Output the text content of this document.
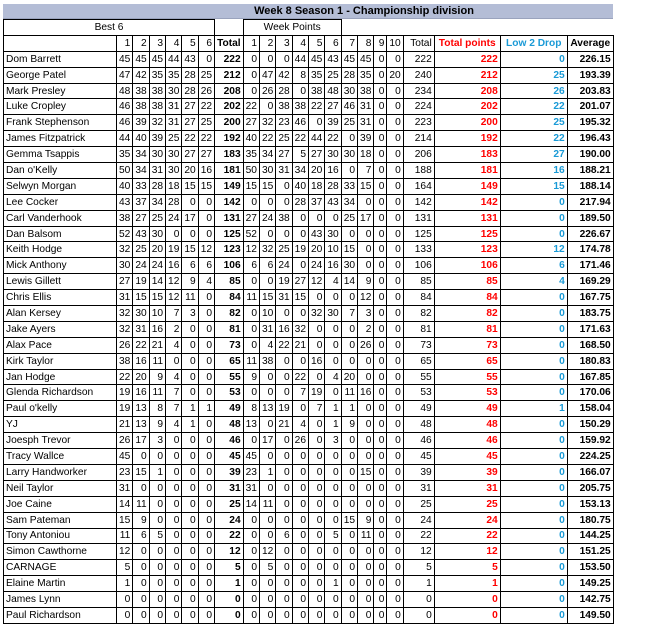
Week 8 Season 1 - Championship division
Best 6								Week Points													
	1	2	3	4	5	6	Total	1	2	3	4	5	6	7	8	9	10	Total	Total points	Low 2 Drop	Average
Dom Barrett	45	45	45	44	43	0	222	0	0	0	44	45	43	45	45	0	0	222	222	0	226.15
George Patel	47	42	35	35	28	25	212	0	47	42	8	35	25	28	35	0	20	240	212	25	193.39
Mark Presley	48	38	38	30	28	26	208	0	26	28	0	38	48	30	38	0	0	234	208	26	203.83
Luke Cropley	46	38	38	31	27	22	202	22	0	38	38	22	27	46	31	0	0	224	202	22	201.07
Frank Stephenson	46	39	32	31	27	25	200	27	32	23	46	0	39	25	31	0	0	223	200	25	195.32
James Fitzpatrick	44	40	39	25	22	22	192	40	22	25	22	44	22	0	39	0	0	214	192	22	196.43
Gemma Tsappis	35	34	30	30	27	27	183	35	34	27	5	27	30	30	18	0	0	206	183	27	190.00
Dan o'Kelly	50	34	31	30	20	16	181	50	30	31	34	20	16	0	7	0	0	188	181	16	188.21
Selwyn Morgan	40	33	28	18	15	15	149	15	15	0	40	18	28	33	15	0	0	164	149	15	188.14
Lee Cocker	43	37	34	28	0	0	142	0	0	0	28	37	43	34	0	0	0	142	142	0	217.94
Carl Vanderhook	38	27	25	24	17	0	131	27	24	38	0	0	0	25	17	0	0	131	131	0	189.50
Dan Balsom	52	43	30	0	0	0	125	52	0	0	0	43	30	0	0	0	0	125	125	0	226.67
Keith Hodge	32	25	20	19	15	12	123	12	32	25	19	20	10	15	0	0	0	133	123	12	174.78
Mick Anthony	30	24	24	16	6	6	106	6	6	24	0	24	16	30	0	0	0	106	106	6	171.46
Lewis Gillett	27	19	14	12	9	4	85	0	0	19	27	12	4	14	9	0	0	85	85	4	169.29
Chris Ellis	31	15	15	12	11	0	84	11	15	31	15	0	0	0	12	0	0	84	84	0	167.75
Alan Kersey	32	30	10	7	3	0	82	0	10	0	0	32	30	7	3	0	0	82	82	0	183.75
Jake Ayers	32	31	16	2	0	0	81	0	31	16	32	0	0	0	2	0	0	81	81	0	171.63
Alax Pace	26	22	21	4	0	0	73	0	4	22	21	0	0	0	26	0	0	73	73	0	168.50
Kirk Taylor	38	16	11	0	0	0	65	11	38	0	0	16	0	0	0	0	0	65	65	0	180.83
Jan Hodge	22	20	9	4	0	0	55	9	0	0	22	0	4	20	0	0	0	55	55	0	167.85
Glenda Richardson	19	16	11	7	0	0	53	0	0	0	7	19	0	11	16	0	0	53	53	0	170.06
Paul o'kelly	19	13	8	7	1	1	49	8	13	19	0	7	1	1	0	0	0	49	49	1	158.04
YJ	21	13	9	4	1	0	48	13	0	21	4	0	1	9	0	0	0	48	48	0	150.29
Joesph Trevor	26	17	3	0	0	0	46	0	17	0	26	0	3	0	0	0	0	46	46	0	159.92
Tracy Wallce	45	0	0	0	0	0	45	45	0	0	0	0	0	0	0	0	0	45	45	0	224.25
Larry Handworker	23	15	1	0	0	0	39	23	1	0	0	0	0	0	15	0	0	39	39	0	166.07
Neil Taylor	31	0	0	0	0	0	31	31	0	0	0	0	0	0	0	0	0	31	31	0	205.75
Joe Caine	14	11	0	0	0	0	25	14	11	0	0	0	0	0	0	0	0	25	25	0	153.13
Sam Pateman	15	9	0	0	0	0	24	0	0	0	0	0	0	15	9	0	0	24	24	0	180.75
Tony Antoniou	11	6	5	0	0	0	22	0	0	6	0	0	5	0	11	0	0	22	22	0	144.25
Simon Cawthorne	12	0	0	0	0	0	12	0	12	0	0	0	0	0	0	0	0	12	12	0	151.25
CARNAGE	5	0	0	0	0	0	5	0	5	0	0	0	0	0	0	0	0	5	5	0	153.50
Elaine Martin	1	0	0	0	0	0	1	0	0	0	0	0	1	0	0	0	0	1	1	0	149.25
James Lynn	0	0	0	0	0	0	0	0	0	0	0	0	0	0	0	0	0	0	0	0	142.75
Paul Richardson	0	0	0	0	0	0	0	0	0	0	0	0	0	0	0	0	0	0	0	0	149.50
